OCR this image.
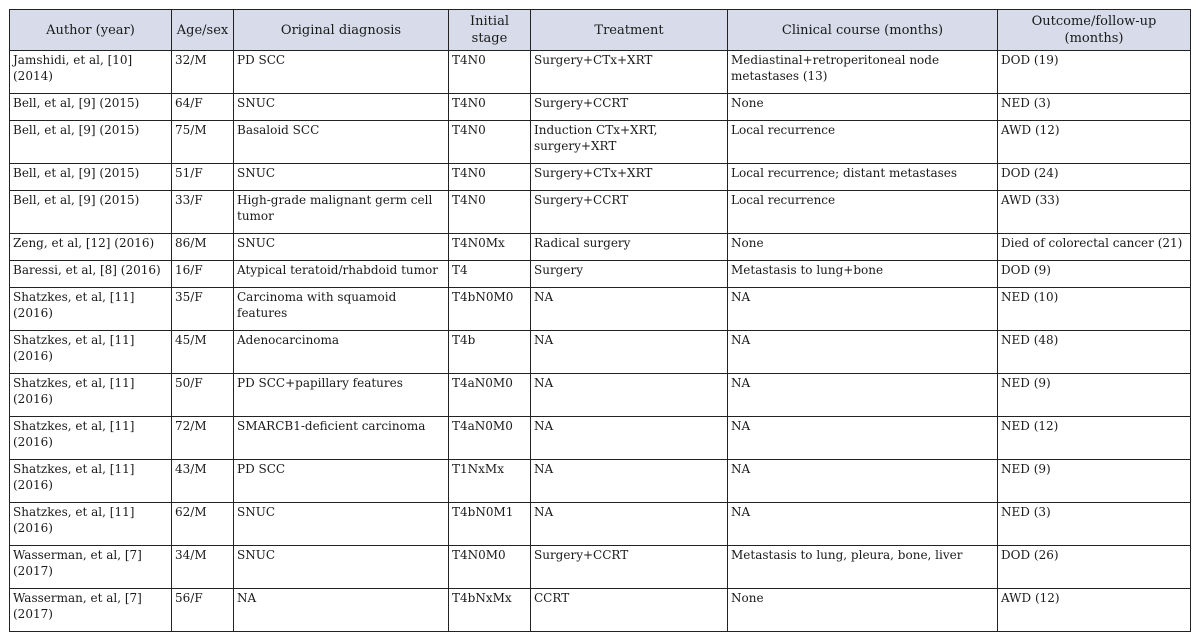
Author (year)	Age/sex	Original diagnosis	Initial stage	Treatment	Clinical course (months)	Outcome/follow-up (months)
Jamshidi, et al, [10] (2014)	32/M	PD SCC	T4N0	Surgery+CTx+XRT	Mediastinal+retroperitoneal node metastases (13)	DOD (19)
Bell, et al, [9] (2015)	64/F	SNUC	T4N0	Surgery+CCRT	None	NED (3)
Bell, et al, [9] (2015)	75/M	Basaloid SCC	T4N0	Induction CTx+XRT, surgery+XRT	Local recurrence	AWD (12)
Bell, et al, [9] (2015)	51/F	SNUC	T4N0	Surgery+CTx+XRT	Local recurrence; distant metastases	DOD (24)
Bell, et al, [9] (2015)	33/F	High-grade malignant germ cell tumor	T4N0	Surgery+CCRT	Local recurrence	AWD (33)
Zeng, et al, [12] (2016)	86/M	SNUC	T4N0Mx	Radical surgery	None	Died of colorectal cancer (21)
Baressi, et al, [8] (2016)	16/F	Atypical teratoid/rhabdoid tumor	T4	Surgery	Metastasis to lung+bone	DOD (9)
Shatzkes, et al, [11] (2016)	35/F	Carcinoma with squamoid features	T4bN0M0	NA	NA	NED (10)
Shatzkes, et al, [11] (2016)	45/M	Adenocarcinoma	T4b	NA	NA	NED (48)
Shatzkes, et al, [11] (2016)	50/F	PD SCC+papillary features	T4aN0M0	NA	NA	NED (9)
Shatzkes, et al, [11] (2016)	72/M	SMARCB1-deficient carcinoma	T4aN0M0	NA	NA	NED (12)
Shatzkes, et al, [11] (2016)	43/M	PD SCC	T1NxMx	NA	NA	NED (9)
Shatzkes, et al, [11] (2016)	62/M	SNUC	T4bN0M1	NA	NA	NED (3)
Wasserman, et al, [7] (2017)	34/M	SNUC	T4N0M0	Surgery+CCRT	Metastasis to lung, pleura, bone, liver	DOD (26)
Wasserman, et al, [7] (2017)	56/F	NA	T4bNxMx	CCRT	None	AWD (12)
